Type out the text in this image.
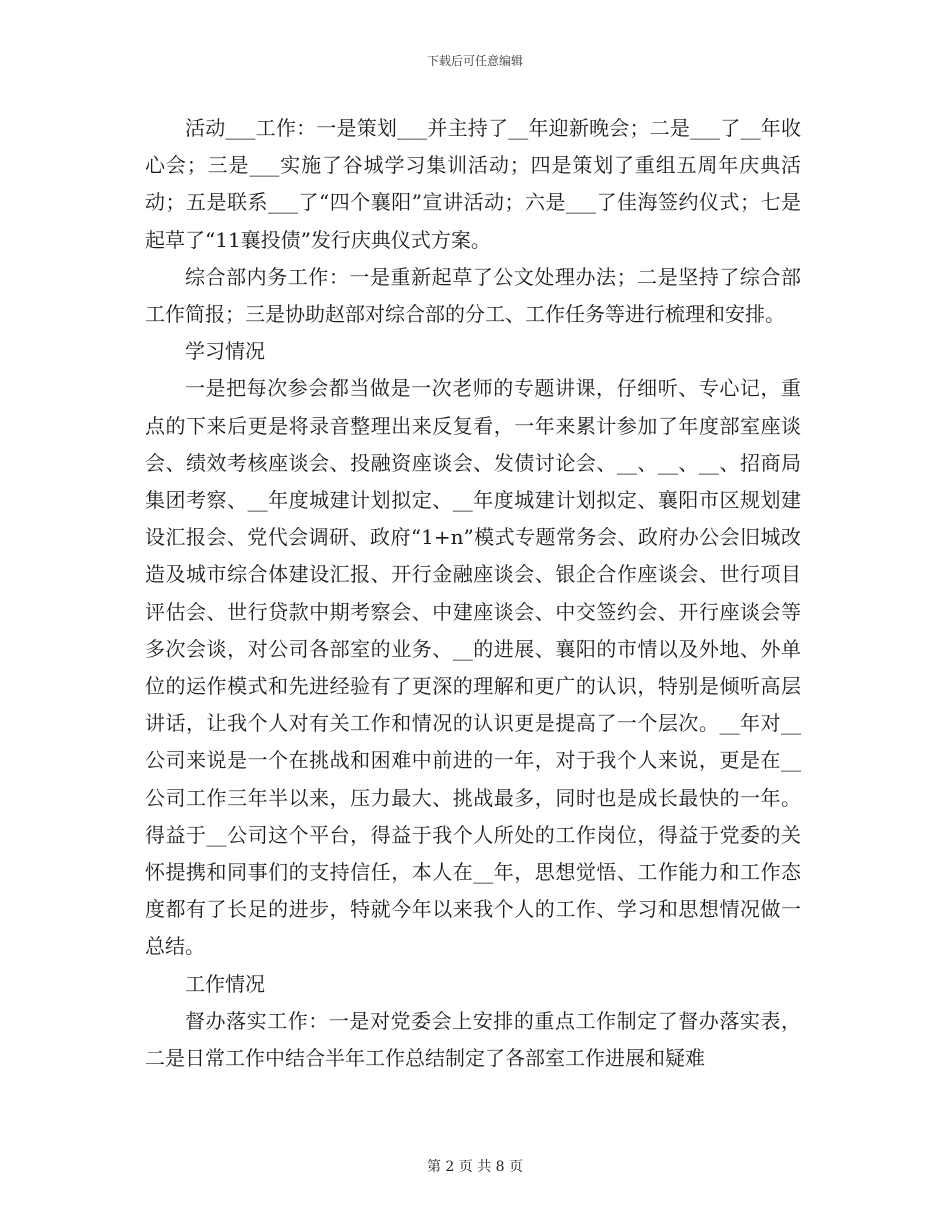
下载后可任意编辑

活动___工作：一是策划___并主持了__年迎新晚会；二是___了__年收心会；三是___实施了谷城学习集训活动；四是策划了重组五周年庆典活动；五是联系___了“四个襄阳”宣讲活动；六是___了佳海签约仪式；七是起草了“11襄投债”发行庆典仪式方案。

综合部内务工作：一是重新起草了公文处理办法；二是坚持了综合部工作简报；三是协助赵部对综合部的分工、工作任务等进行梳理和安排。

学习情况

一是把每次参会都当做是一次老师的专题讲课，仔细听、专心记，重点的下来后更是将录音整理出来反复看，一年来累计参加了年度部室座谈会、绩效考核座谈会、投融资座谈会、发债讨论会、__、__、__、招商局集团考察、__年度城建计划拟定、__年度城建计划拟定、襄阳市区规划建设汇报会、党代会调研、政府“1+n”模式专题常务会、政府办公会旧城改造及城市综合体建设汇报、开行金融座谈会、银企合作座谈会、世行项目评估会、世行贷款中期考察会、中建座谈会、中交签约会、开行座谈会等多次会谈，对公司各部室的业务、__的进展、襄阳的市情以及外地、外单位的运作模式和先进经验有了更深的理解和更广的认识，特别是倾听高层讲话，让我个人对有关工作和情况的认识更是提高了一个层次。__年对__公司来说是一个在挑战和困难中前进的一年，对于我个人来说，更是在__公司工作三年半以来，压力最大、挑战最多，同时也是成长最快的一年。得益于__公司这个平台，得益于我个人所处的工作岗位，得益于党委的关怀提携和同事们的支持信任，本人在__年，思想觉悟、工作能力和工作态度都有了长足的进步，特就今年以来我个人的工作、学习和思想情况做一总结。

工作情况

督办落实工作：一是对党委会上安排的重点工作制定了督办落实表，二是日常工作中结合半年工作总结制定了各部室工作进展和疑难

第 2 页 共 8 页
